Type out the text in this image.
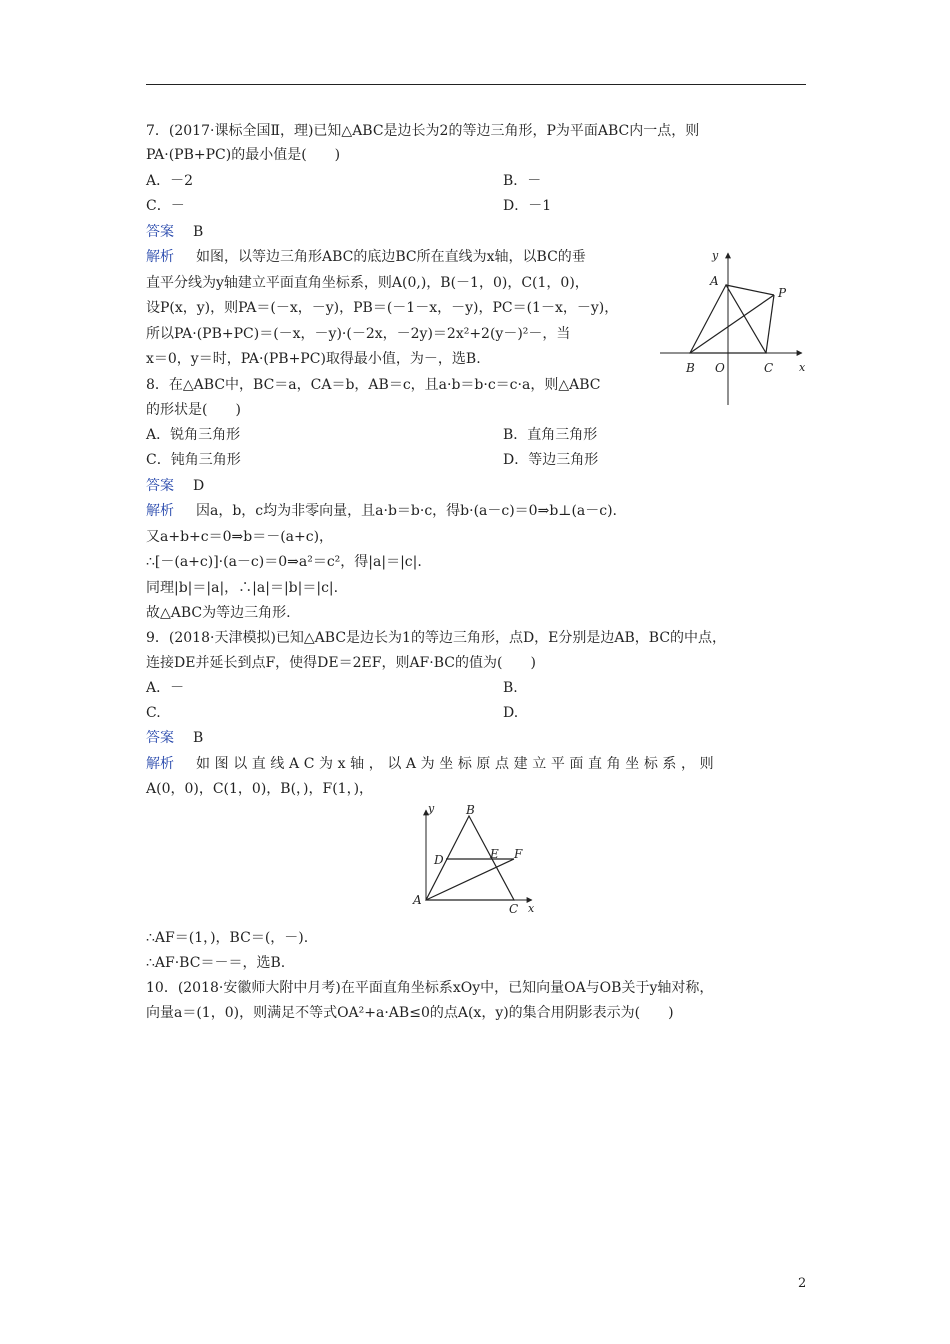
7．(2017·课标全国Ⅱ，理)已知△ABC是边长为2的等边三角形，P为平面ABC内一点，则
PA·(PB+PC)的最小值是(　　)
A．－2	B．－
C．－	D．－1
答案 B
解析 如图，以等边三角形ABC的底边BC所在直线为x轴，以BC的垂
直平分线为y轴建立平面直角坐标系，则A(0,)，B(－1，0)，C(1，0)，
设P(x，y)，则PA＝(－x，－y)，PB＝(－1－x，－y)，PC＝(1－x，－y)，
所以PA·(PB+PC)＝(－x，－y)·(－2x，－2y)＝2x²+2(y－)²－，当
x＝0，y＝时，PA·(PB+PC)取得最小值，为－，选B.
y
A
P
B O	C x
8．在△ABC中，BC＝a，CA＝b，AB＝c，且a·b＝b·c＝c·a，则△ABC
的形状是(　　)
A．锐角三角形	B．直角三角形
C．钝角三角形	D．等边三角形
答案 D
解析 因a，b，c均为非零向量，且a·b＝b·c，得b·(a－c)＝0⇒b⊥(a－c).
又a+b+c＝0⇒b＝－(a+c)，
∴[－(a+c)]·(a－c)＝0⇒a²＝c²，得|a|＝|c|.
同理|b|＝|a|，∴|a|＝|b|＝|c|.
故△ABC为等边三角形.
9．(2018·天津模拟)已知△ABC是边长为1的等边三角形，点D，E分别是边AB，BC的中点，
连接DE并延长到点F，使得DE＝2EF，则AF·BC的值为(　　)
A．－	B.
C.	D.
答案 B
解析 如图以直线AC为x轴，以A为坐标原点建立平面直角坐标系，则
A(0，0)，C(1，0)，B(，)，F(1，)，
y	B
D	E F
A
C x
∴AF＝(1，)，BC＝(，－).
∴AF·BC＝－＝，选B.
10．(2018·安徽师大附中月考)在平面直角坐标系xOy中，已知向量OA与OB关于y轴对称，
向量a＝(1，0)，则满足不等式OA²+a·AB≤0的点A(x，y)的集合用阴影表示为(　　)
2
